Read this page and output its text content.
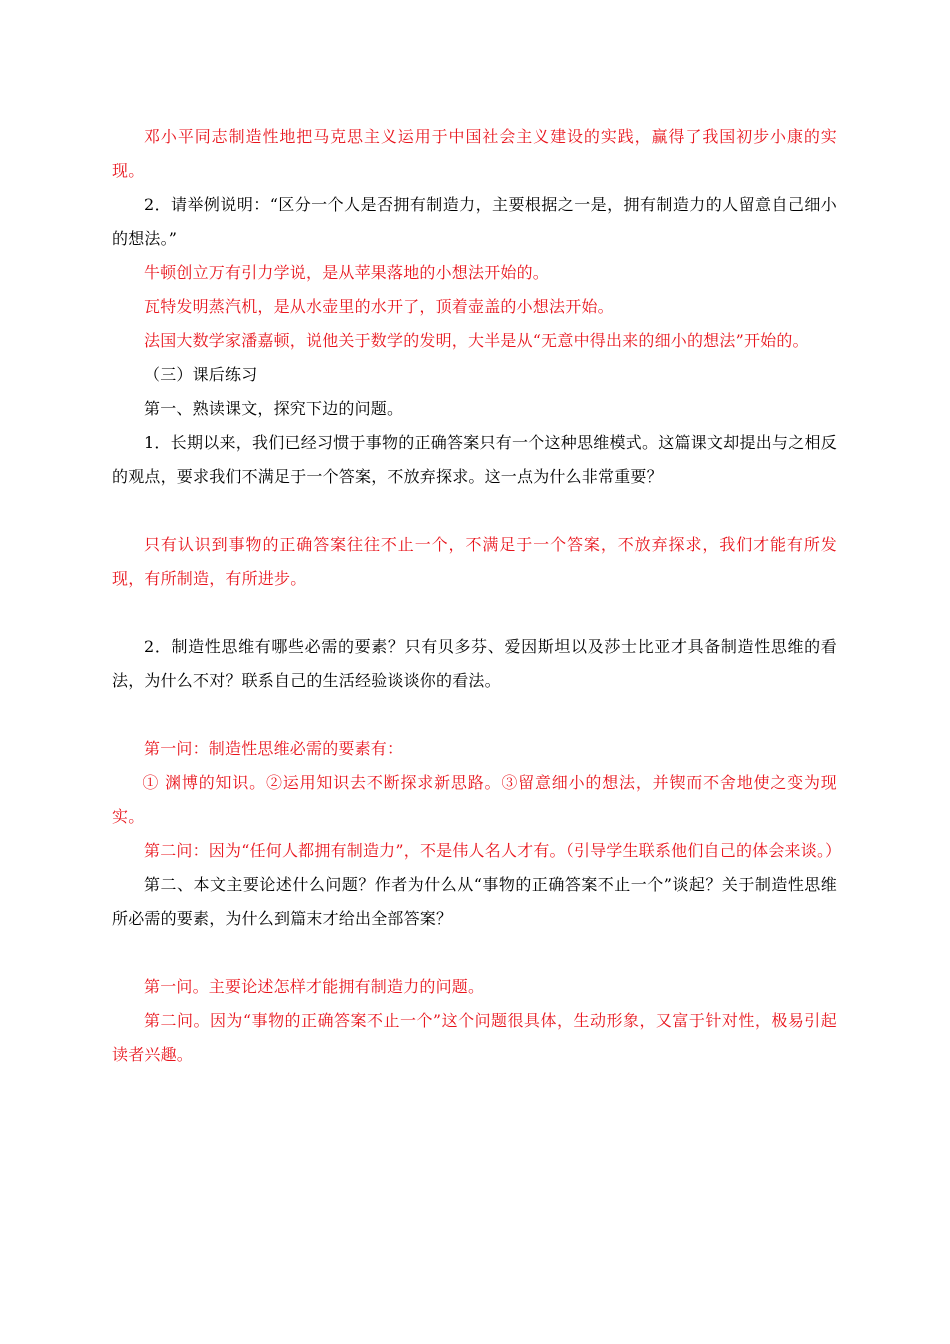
邓小平同志制造性地把马克思主义运用于中国社会主义建设的实践，赢得了我国初步小康的实现。

2．请举例说明：“区分一个人是否拥有制造力，主要根据之一是，拥有制造力的人留意自己细小的想法。”

牛顿创立万有引力学说，是从苹果落地的小想法开始的。

瓦特发明蒸汽机，是从水壶里的水开了，顶着壶盖的小想法开始。

法国大数学家潘嘉顿，说他关于数学的发明，大半是从“无意中得出来的细小的想法”开始的。

（三）课后练习

第一、熟读课文，探究下边的问题。

1．长期以来，我们已经习惯于事物的正确答案只有一个这种思维模式。这篇课文却提出与之相反的观点，要求我们不满足于一个答案，不放弃探求。这一点为什么非常重要？

只有认识到事物的正确答案往往不止一个，不满足于一个答案，不放弃探求，我们才能有所发现，有所制造，有所进步。

2．制造性思维有哪些必需的要素？只有贝多芬、爱因斯坦以及莎士比亚才具备制造性思维的看法，为什么不对？联系自己的生活经验谈谈你的看法。

第一问：制造性思维必需的要素有：

① 渊博的知识。②运用知识去不断探求新思路。③留意细小的想法，并锲而不舍地使之变为现实。

第二问：因为“任何人都拥有制造力”，不是伟人名人才有。（引导学生联系他们自己的体会来谈。）

第二、本文主要论述什么问题？作者为什么从“事物的正确答案不止一个”谈起？关于制造性思维所必需的要素，为什么到篇末才给出全部答案？

第一问。主要论述怎样才能拥有制造力的问题。

第二问。因为“事物的正确答案不止一个”这个问题很具体，生动形象，又富于针对性，极易引起读者兴趣。
